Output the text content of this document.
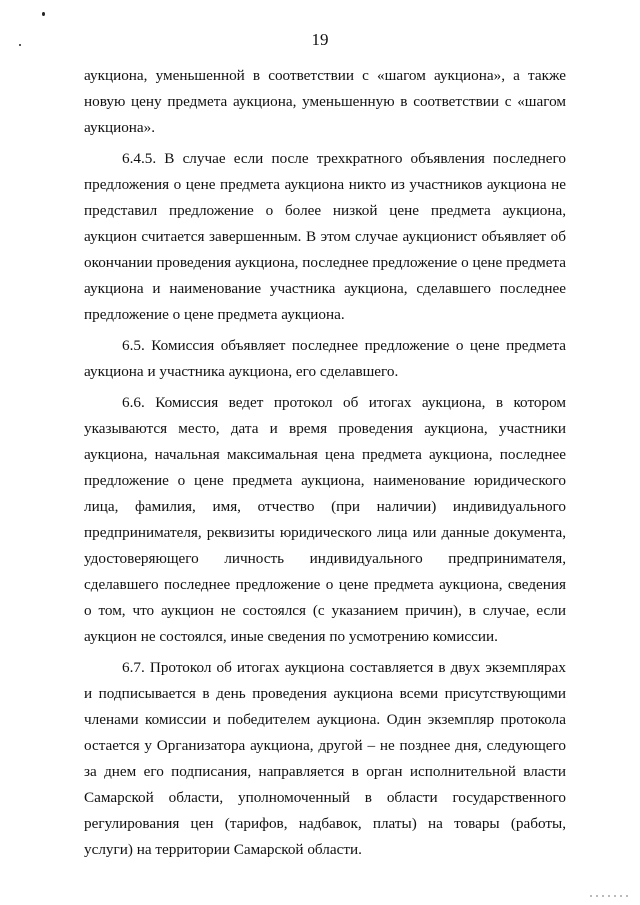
19

аукциона, уменьшенной в соответствии с «шагом аукциона», а также новую цену предмета аукциона, уменьшенную в соответствии с «шагом аукциона».

6.4.5. В случае если после трехкратного объявления последнего предложения о цене предмета аукциона никто из участников аукциона не представил предложение о более низкой цене предмета аукциона, аукцион считается завершенным. В этом случае аукционист объявляет об окончании проведения аукциона, последнее предложение о цене предмета аукциона и наименование участника аукциона, сделавшего последнее предложение о цене предмета аукциона.

6.5. Комиссия объявляет последнее предложение о цене предмета аукциона и участника аукциона, его сделавшего.

6.6. Комиссия ведет протокол об итогах аукциона, в котором указываются место, дата и время проведения аукциона, участники аукциона, начальная максимальная цена предмета аукциона, последнее предложение о цене предмета аукциона, наименование юридического лица, фамилия, имя, отчество (при наличии) индивидуального предпринимателя, реквизиты юридического лица или данные документа, удостоверяющего личность индивидуального предпринимателя, сделавшего последнее предложение о цене предмета аукциона, сведения о том, что аукцион не состоялся (с указанием причин), в случае, если аукцион не состоялся, иные сведения по усмотрению комиссии.

6.7. Протокол об итогах аукциона составляется в двух экземплярах и подписывается в день проведения аукциона всеми присутствующими членами комиссии и победителем аукциона. Один экземпляр протокола остается у Организатора аукциона, другой – не позднее дня, следующего за днем его подписания, направляется в орган исполнительной власти Самарской области, уполномоченный в области государственного регулирования цен (тарифов, надбавок, платы) на товары (работы, услуги) на территории Самарской области.
